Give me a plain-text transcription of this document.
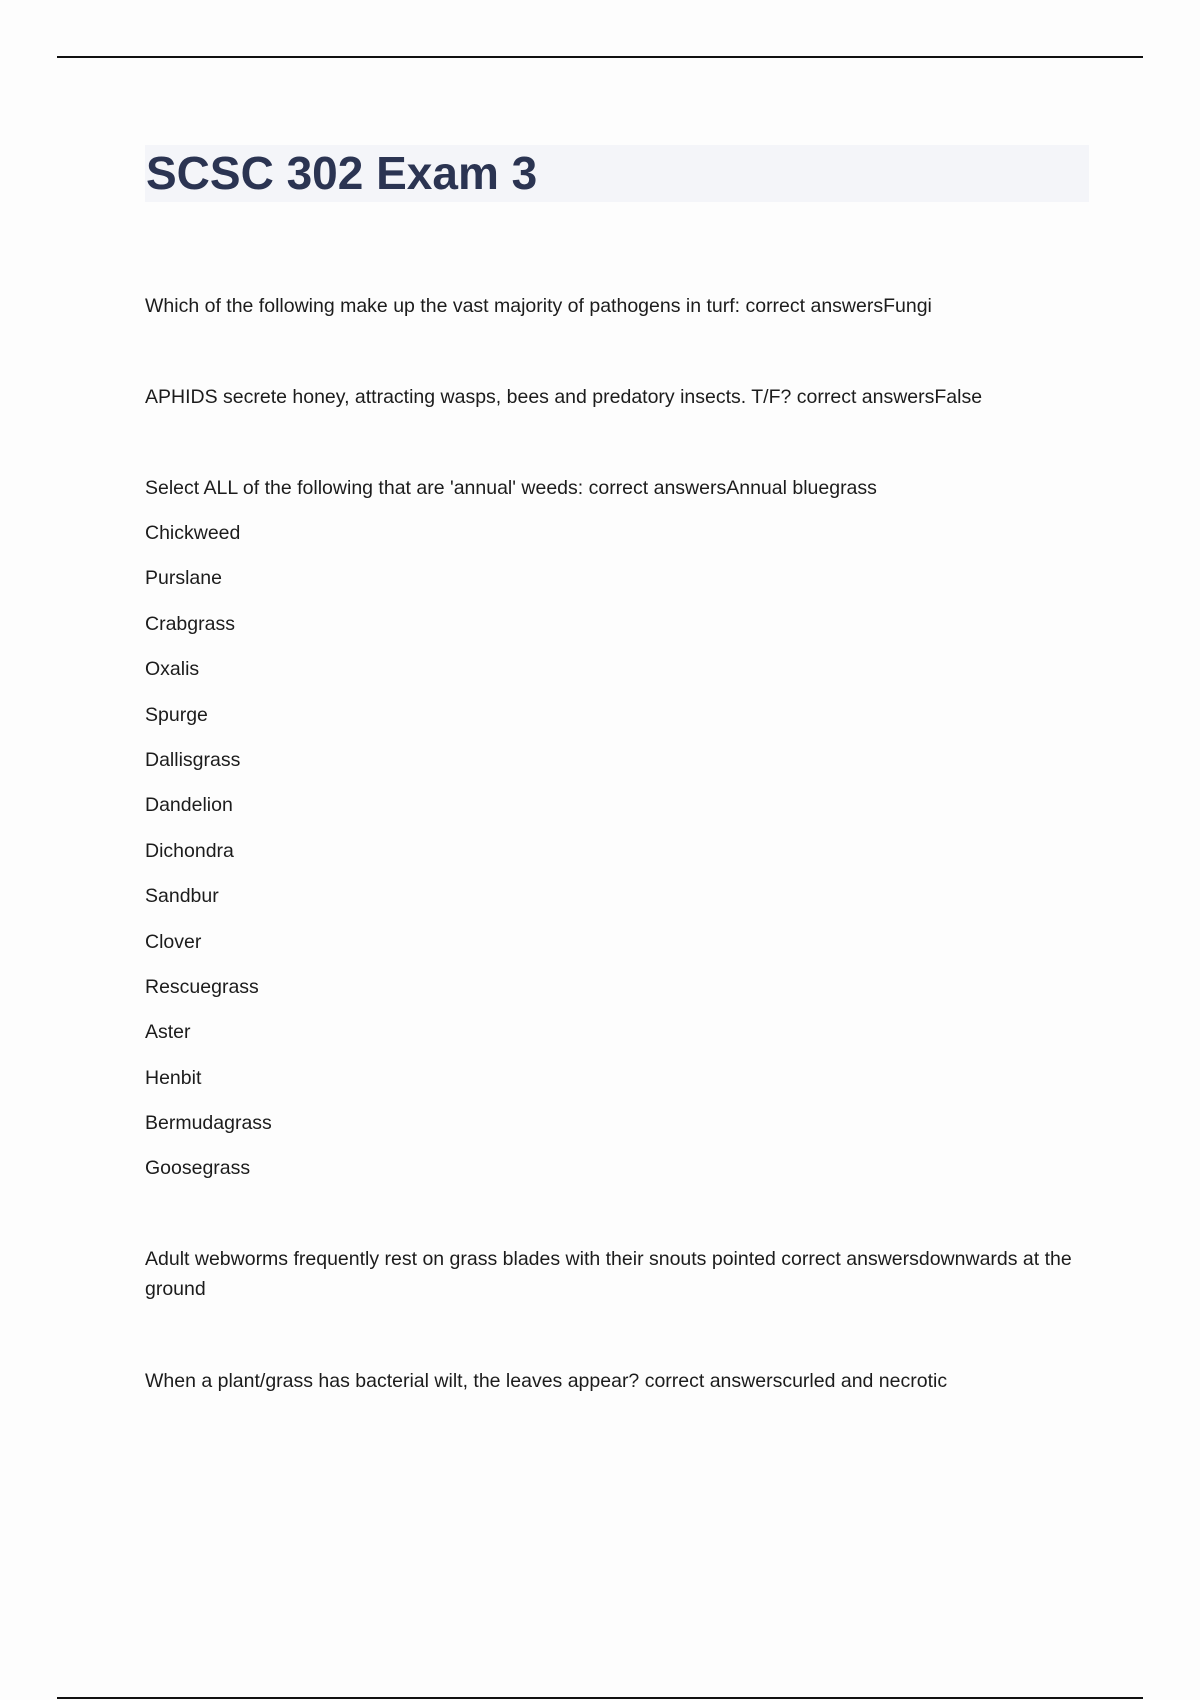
SCSC 302 Exam 3

Which of the following make up the vast majority of pathogens in turf: correct answersFungi

APHIDS secrete honey, attracting wasps, bees and predatory insects. T/F? correct answersFalse

Select ALL of the following that are 'annual' weeds: correct answersAnnual bluegrass

Chickweed
Purslane
Crabgrass
Oxalis
Spurge
Dallisgrass
Dandelion
Dichondra
Sandbur
Clover
Rescuegrass
Aster
Henbit
Bermudagrass
Goosegrass

Adult webworms frequently rest on grass blades with their snouts pointed correct answersdownwards at the ground

When a plant/grass has bacterial wilt, the leaves appear? correct answerscurled and necrotic
